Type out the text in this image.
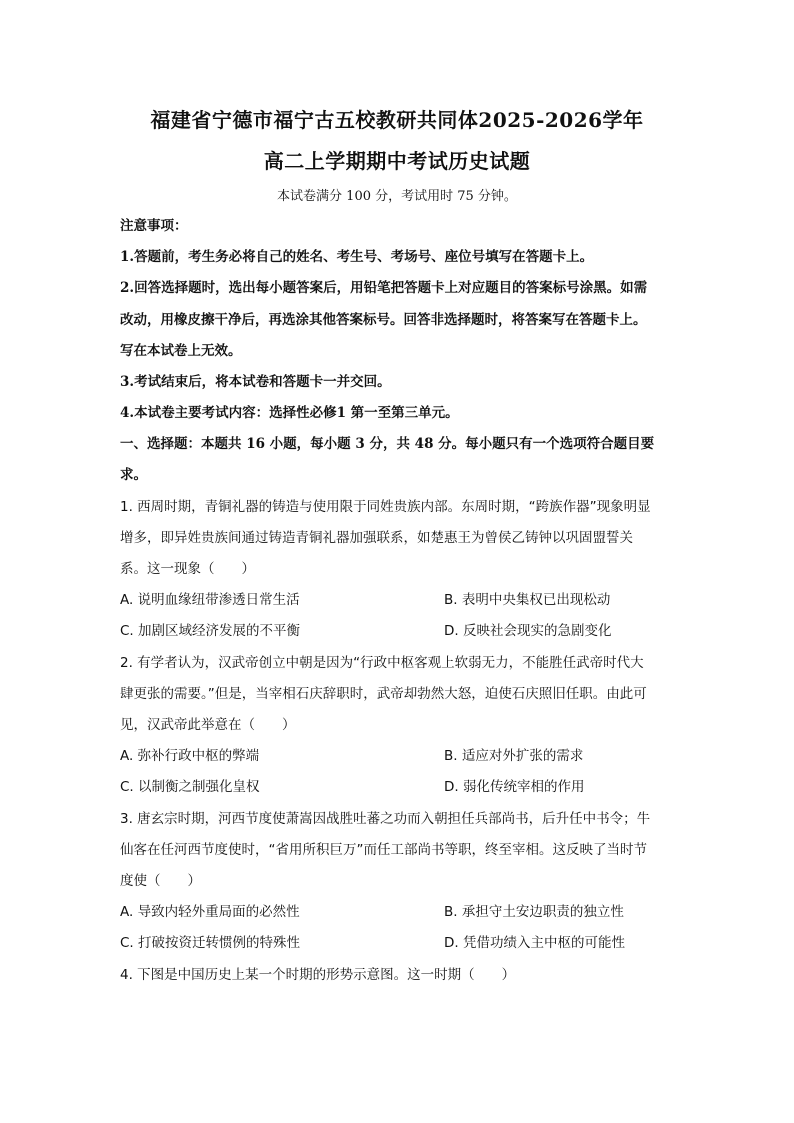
福建省宁德市福宁古五校教研共同体2025-2026学年
高二上学期期中考试历史试题
本试卷满分 100 分，考试用时 75 分钟。
注意事项：
1.答题前，考生务必将自己的姓名、考生号、考场号、座位号填写在答题卡上。
2.回答选择题时，选出每小题答案后，用铅笔把答题卡上对应题目的答案标号涂黑。如需
改动，用橡皮擦干净后，再选涂其他答案标号。回答非选择题时，将答案写在答题卡上。
写在本试卷上无效。
3.考试结束后，将本试卷和答题卡一并交回。
4.本试卷主要考试内容：选择性必修1 第一至第三单元。
一、选择题：本题共 16 小题，每小题 3 分，共 48 分。每小题只有一个选项符合题目要
求。
1. 西周时期，青铜礼器的铸造与使用限于同姓贵族内部。东周时期，“跨族作器”现象明显
增多，即异姓贵族间通过铸造青铜礼器加强联系，如楚惠王为曾侯乙铸钟以巩固盟誓关
系。这一现象（　　）
A. 说明血缘纽带渗透日常生活	B. 表明中央集权已出现松动
C. 加剧区域经济发展的不平衡	D. 反映社会现实的急剧变化
2. 有学者认为，汉武帝创立中朝是因为“行政中枢客观上软弱无力，不能胜任武帝时代大
肆更张的需要。”但是，当宰相石庆辞职时，武帝却勃然大怒，迫使石庆照旧任职。由此可
见，汉武帝此举意在（　　）
A. 弥补行政中枢的弊端	B. 适应对外扩张的需求
C. 以制衡之制强化皇权	D. 弱化传统宰相的作用
3. 唐玄宗时期，河西节度使萧嵩因战胜吐蕃之功而入朝担任兵部尚书，后升任中书令；牛
仙客在任河西节度使时，“省用所积巨万”而任工部尚书等职，终至宰相。这反映了当时节
度使（　　）
A. 导致内轻外重局面的必然性	B. 承担守土安边职责的独立性
C. 打破按资迁转惯例的特殊性	D. 凭借功绩入主中枢的可能性
4. 下图是中国历史上某一个时期的形势示意图。这一时期（　　）
